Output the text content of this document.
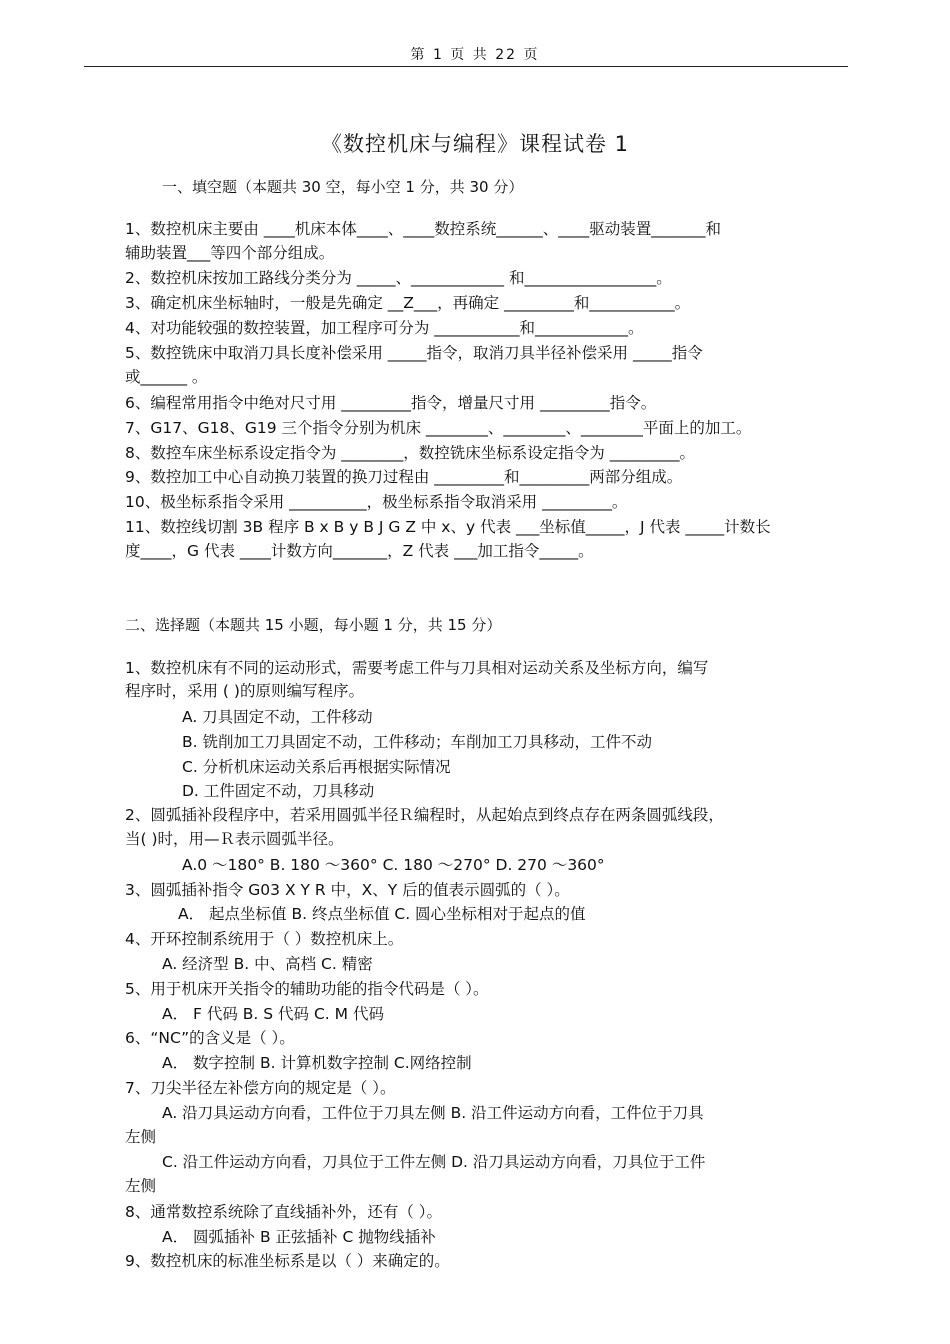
第 1 页 共 22 页
《数控机床与编程》课程试卷 1
一、填空题（本题共 30 空，每小空 1 分，共 30 分）
1、数控机床主要由 ____机床本体____、____数控系统______、____驱动装置_______和
辅助装置___等四个部分组成。
2、数控机床按加工路线分类分为 _____、____________ 和_________________。
3、确定机床坐标轴时，一般是先确定 __Z___，再确定 _________和___________。
4、对功能较强的数控装置，加工程序可分为 ___________和____________。
5、数控铣床中取消刀具长度补偿采用 _____指令，取消刀具半径补偿采用 _____指令
或______ 。
6、编程常用指令中绝对尺寸用 _________指令，增量尺寸用 _________指令。
7、G17、G18、G19 三个指令分别为机床 ________、________、________平面上的加工。
8、数控车床坐标系设定指令为 ________，数控铣床坐标系设定指令为 _________。
9、数控加工中心自动换刀装置的换刀过程由 _________和_________两部分组成。
10、极坐标系指令采用 __________，极坐标系指令取消采用 _________。
11、数控线切割 3B 程序 B x B y B J G Z 中 x、y 代表 ___坐标值_____，J 代表 _____计数长
度____，G 代表 ____计数方向_______，Z 代表 ___加工指令_____。
二、选择题（本题共 15 小题，每小题 1 分，共 15 分）
1、数控机床有不同的运动形式，需要考虑工件与刀具相对运动关系及坐标方向，编写
程序时，采用 ( )的原则编写程序。
A. 刀具固定不动，工件移动
B. 铣削加工刀具固定不动，工件移动；车削加工刀具移动，工件不动
C. 分析机床运动关系后再根据实际情况
D. 工件固定不动，刀具移动
2、圆弧插补段程序中，若采用圆弧半径Ｒ编程时，从起始点到终点存在两条圆弧线段，
当( )时，用—Ｒ表示圆弧半径。
A.0 ～180° B. 180 ～360° C. 180 ～270° D. 270 ～360°
3、圆弧插补指令 G03 X Y R 中，X、Y 后的值表示圆弧的（ ）。
A． 起点坐标值 B. 终点坐标值 C. 圆心坐标相对于起点的值
4、开环控制系统用于（ ）数控机床上。
A. 经济型 B. 中、高档 C. 精密
5、用于机床开关指令的辅助功能的指令代码是（ ）。
A． F 代码 B. S 代码 C. M 代码
6、“NC”的含义是（ ）。
A． 数字控制 B. 计算机数字控制 C.网络控制
7、刀尖半径左补偿方向的规定是（ ）。
A. 沿刀具运动方向看，工件位于刀具左侧 B. 沿工件运动方向看，工件位于刀具
左侧
C. 沿工件运动方向看，刀具位于工件左侧 D. 沿刀具运动方向看，刀具位于工件
左侧
8、通常数控系统除了直线插补外，还有（ ）。
A． 圆弧插补 B 正弦插补 C 抛物线插补
9、数控机床的标准坐标系是以（ ）来确定的。
